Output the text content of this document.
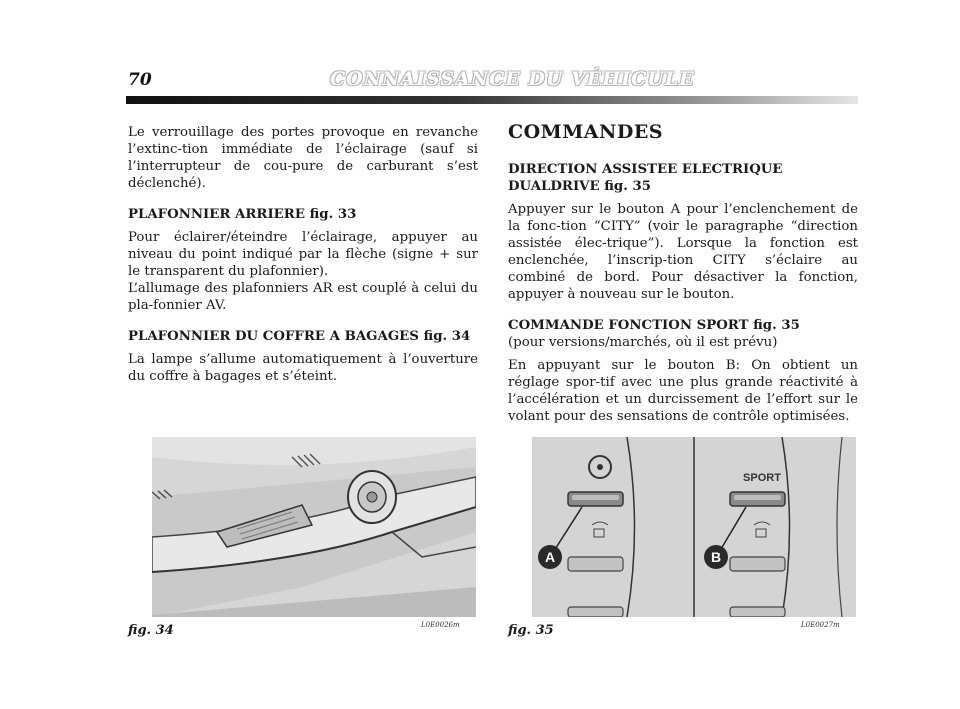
70	CONNAISSANCE DU VÉHICULE

Le verrouillage des portes provoque en revanche l’extinc-tion immédiate de l’éclairage (sauf si l’interrupteur de cou-pure de carburant s’est déclenché).

PLAFONNIER ARRIERE fig. 33

Pour éclairer/éteindre l’éclairage, appuyer au niveau du point indiqué par la flèche (signe + sur le transparent du plafonnier).

L’allumage des plafonniers AR est couplé à celui du pla-fonnier AV.

PLAFONNIER DU COFFRE A BAGAGES fig. 34

La lampe s’allume automatiquement à l’ouverture du coffre à bagages et s’éteint.

COMMANDES
DIRECTION ASSISTEE ELECTRIQUE
DUALDRIVE fig. 35

Appuyer sur le bouton A pour l’enclenchement de la fonc-tion “CITY” (voir le paragraphe “direction assistée élec-trique”). Lorsque la fonction est enclenchée, l’inscrip-tion CITY s’éclaire au combiné de bord. Pour désactiver la fonction, appuyer à nouveau sur le bouton.

COMMANDE FONCTION SPORT fig. 35
(pour versions/marchés, où il est prévu)

En appuyant sur le bouton B: On obtient un réglage spor-tif avec une plus grande réactivité à l’accélération et un durcissement de l’effort sur le volant pour des sensations de contrôle optimisées.

fig. 34	L0E0026m
A
SPORT
B
fig. 35	L0E0027m
